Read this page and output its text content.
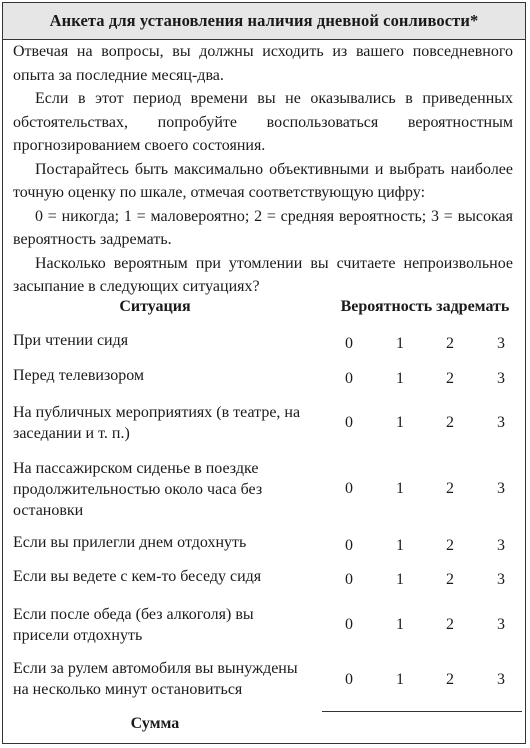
Анкета для установления наличия дневной сонливости*

Отвечая на вопросы, вы должны исходить из вашего повседневного опыта за последние месяц-два.

Если в этот период времени вы не оказывались в приведенных обстоятельствах, попробуйте воспользоваться вероятностным прогнозированием своего состояния.

Постарайтесь быть максимально объективными и выбрать наиболее точную оценку по шкале, отмечая соответствующую цифру:

0 = никогда; 1 = маловероятно; 2 = средняя вероятность; 3 = высокая вероятность задремать.

Насколько вероятным при утомлении вы считаете непроизвольное засыпание в следующих ситуациях?

Ситуация	Вероятность задремать
При чтении сидя	0	1	2	3
Перед телевизором	0	1	2	3
На публичных мероприятиях (в театре, на заседании и т. п.)
0	1	2	3
На пассажирском сиденье в поездке продолжительностью около часа без остановки
0	1	2	3
Если вы прилегли днем отдохнуть	0	1	2	3
Если вы ведете с кем-то беседу сидя	0	1	2	3
Если после обеда (без алкоголя) вы присели отдохнуть
0	1	2	3
Если за рулем автомобиля вы вынуждены на несколько минут остановиться
0	1	2	3
Сумма
